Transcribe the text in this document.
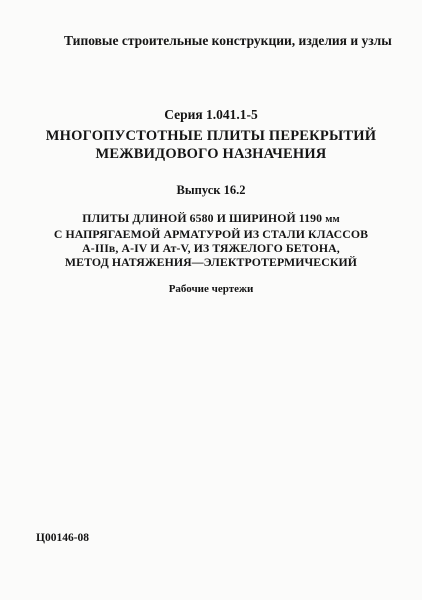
Типовые строительные конструкции, изделия и узлы
Серия 1.041.1-5
МНОГОПУСТОТНЫЕ ПЛИТЫ ПЕРЕКРЫТИЙ
МЕЖВИДОВОГО НАЗНАЧЕНИЯ
Выпуск 16.2
ПЛИТЫ ДЛИНОЙ 6580 И ШИРИНОЙ 1190 мм
С НАПРЯГАЕМОЙ АРМАТУРОЙ ИЗ СТАЛИ КЛАССОВ
А-IIIв, А-IV И Ат-V, ИЗ ТЯЖЕЛОГО БЕТОНА,
МЕТОД НАТЯЖЕНИЯ—ЭЛЕКТРОТЕРМИЧЕСКИЙ
Рабочие чертежи
Ц00146-08
